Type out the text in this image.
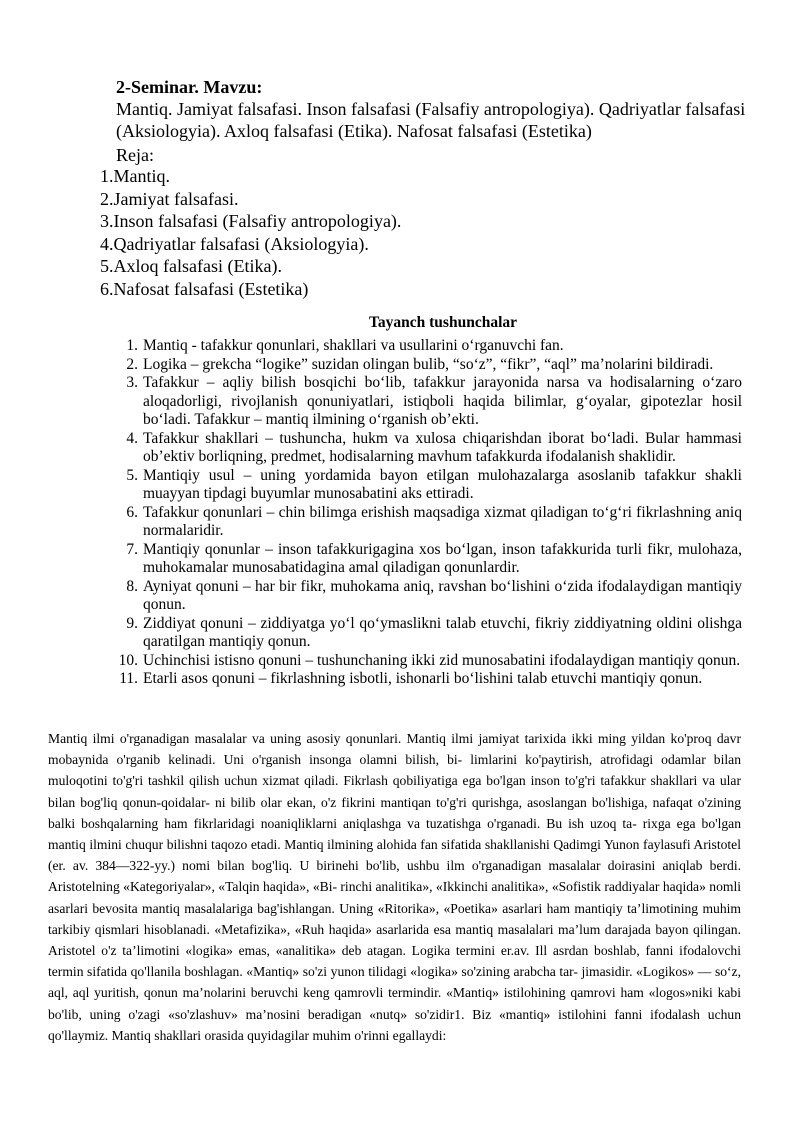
2-Seminar. Mavzu:
Mantiq. Jamiyat falsafasi. Inson falsafasi (Falsafiy antropologiya). Qadriyatlar falsafasi (Aksiologyia). Axloq falsafasi (Etika). Nafosat falsafasi (Estetika)
Reja:
1.Mantiq.
2.Jamiyat falsafasi.
3.Inson falsafasi (Falsafiy antropologiya).
4.Qadriyatlar falsafasi (Aksiologyia).
5.Axloq falsafasi (Etika).
6.Nafosat falsafasi (Estetika)
Tayanch tushunchalar
1. Mantiq - tafakkur qonunlari, shakllari va usullarini o‘rganuvchi fan.
2. Logika – grekcha “logike” suzidan olingan bulib, “so‘z”, “fikr”, “aql” ma’nolarini bildiradi.
3. Tafakkur – aqliy bilish bosqichi bo‘lib, tafakkur jarayonida narsa va hodisalarning o‘zaro aloqadorligi, rivojlanish qonuniyatlari, istiqboli haqida bilimlar, g‘oyalar, gipotezlar hosil bo‘ladi. Tafakkur – mantiq ilmining o‘rganish ob’ekti.
4. Tafakkur shakllari – tushuncha, hukm va xulosa chiqarishdan iborat bo‘ladi. Bular hammasi ob’ektiv borliqning, predmet, hodisalarning mavhum tafakkurda ifodalanish shaklidir.
5. Mantiqiy usul – uning yordamida bayon etilgan mulohazalarga asoslanib tafakkur shakli muayyan tipdagi buyumlar munosabatini aks ettiradi.
6. Tafakkur qonunlari – chin bilimga erishish maqsadiga xizmat qiladigan to‘g‘ri fikrlashning aniq normalaridir.
7. Mantiqiy qonunlar – inson tafakkurigagina xos bo‘lgan, inson tafakkurida turli fikr, mulohaza, muhokamalar munosabatidagina amal qiladigan qonunlardir.
8. Ayniyat qonuni – har bir fikr, muhokama aniq, ravshan bo‘lishini o‘zida ifodalaydigan mantiqiy qonun.
9. Ziddiyat qonuni – ziddiyatga yo‘l qo‘ymaslikni talab etuvchi, fikriy ziddiyatning oldini olishga qaratilgan mantiqiy qonun.
10. Uchinchisi istisno qonuni – tushunchaning ikki zid munosabatini ifodalaydigan mantiqiy qonun.
11. Etarli asos qonuni – fikrlashning isbotli, ishonarli bo‘lishini talab etuvchi mantiqiy qonun.

Mantiq ilmi o'rganadigan masalalar va uning asosiy qonunlari. Mantiq ilmi jamiyat tarixida ikki ming yildan ko'proq davr mobaynida o'rganib kelinadi. Uni o'rganish insonga olamni bilish, bi- limlarini ko'paytirish, atrofidagi odamlar bilan muloqotini to'g'ri tashkil qilish uchun xizmat qiladi. Fikrlash qobiliyatiga ega bo'lgan inson to'g'ri tafakkur shakllari va ular bilan bog'liq qonun-qoidalar- ni bilib olar ekan, o'z fikrini mantiqan to'g'ri qurishga, asoslangan bo'lishiga, nafaqat o'zining balki boshqalarning ham fikrlaridagi noaniqliklarni aniqlashga va tuzatishga o'rganadi. Bu ish uzoq ta- rixga ega bo'lgan mantiq ilmini chuqur bilishni taqozo etadi. Mantiq ilmining alohida fan sifatida shakllanishi Qadimgi Yunon faylasufi Aristotel (er. av. 384—322-yy.) nomi bilan bog'liq. U birinehi bo'lib, ushbu ilm o'rganadigan masalalar doirasini aniqlab berdi. Aristotelning «Kategoriyalar», «Talqin haqida», «Bi- rinchi analitika», «Ikkinchi analitika», «Sofistik raddiyalar haqida» nomli asarlari bevosita mantiq masalalariga bag'ishlangan. Uning «Ritorika», «Poetika» asarlari ham mantiqiy ta’limotining muhim tarkibiy qismlari hisoblanadi. «Metafizika», «Ruh haqida» asarlarida esa mantiq masalalari ma’lum darajada bayon qilingan. Aristotel o'z ta’limotini «logika» emas, «analitika» deb atagan. Logika termini er.av. Ill asrdan boshlab, fanni ifodalovchi termin sifatida qo'llanila boshlagan. «Mantiq» so'zi yunon tilidagi «logika» so'zining arabcha tar- jimasidir. «Logikos» — so‘z, aql, aql yuritish, qonun ma’nolarini beruvchi keng qamrovli termindir. «Mantiq» istilohining qamrovi ham «logos»niki kabi bo'lib, uning o'zagi «so'zlashuv» ma’nosini beradigan «nutq» so'zidir1. Biz «mantiq» istilohini fanni ifodalash uchun qo'llaymiz. Mantiq shakllari orasida quyidagilar muhim o'rinni egallaydi:
